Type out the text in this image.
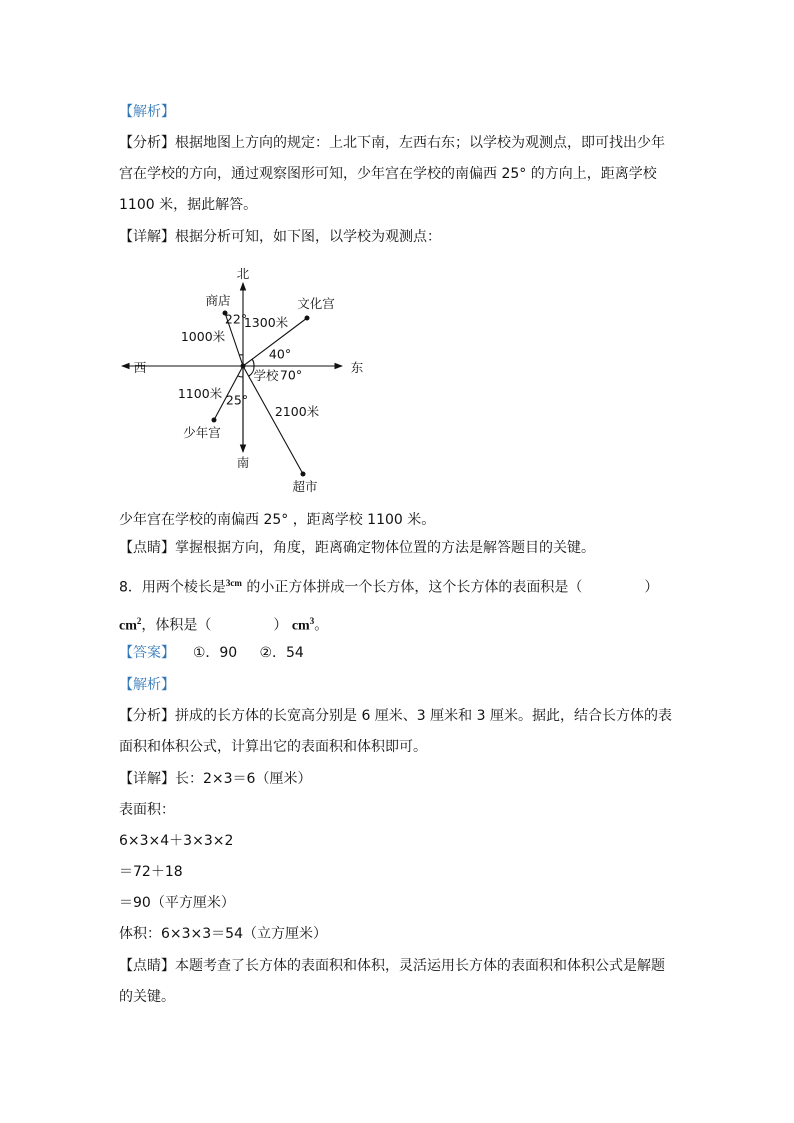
【解析】
【分析】根据地图上方向的规定：上北下南，左西右东；以学校为观测点，即可找出少年
宫在学校的方向，通过观察图形可知，少年宫在学校的南偏西 25° 的方向上，距离学校
1100 米，据此解答。
【详解】根据分析可知，如下图，以学校为观测点：
北
南
西	东
商店	文化宫
少年宫
超市
1000米
1300米
1100米
2100米
22°
40°
学校 70°
25°
少年宫在学校的南偏西 25° ，距离学校 1100 米。
【点睛】掌握根据方向，角度，距离确定物体位置的方法是解答题目的关键。
8．用两个棱长是$^{3cm}$ 的小正方体拼成一个长方体，这个长方体的表面积是（	）
$cm^2$，体积是（	） $cm^3$。
【答案】 ①．90 ②．54
【解析】
【分析】拼成的长方体的长宽高分别是 6 厘米、3 厘米和 3 厘米。据此，结合长方体的表
面积和体积公式，计算出它的表面积和体积即可。
【详解】长：2×3＝6（厘米）
表面积：
6×3×4＋3×3×2
＝72＋18
＝90（平方厘米）
体积：6×3×3＝54（立方厘米）
【点睛】本题考查了长方体的表面积和体积，灵活运用长方体的表面积和体积公式是解题
的关键。
